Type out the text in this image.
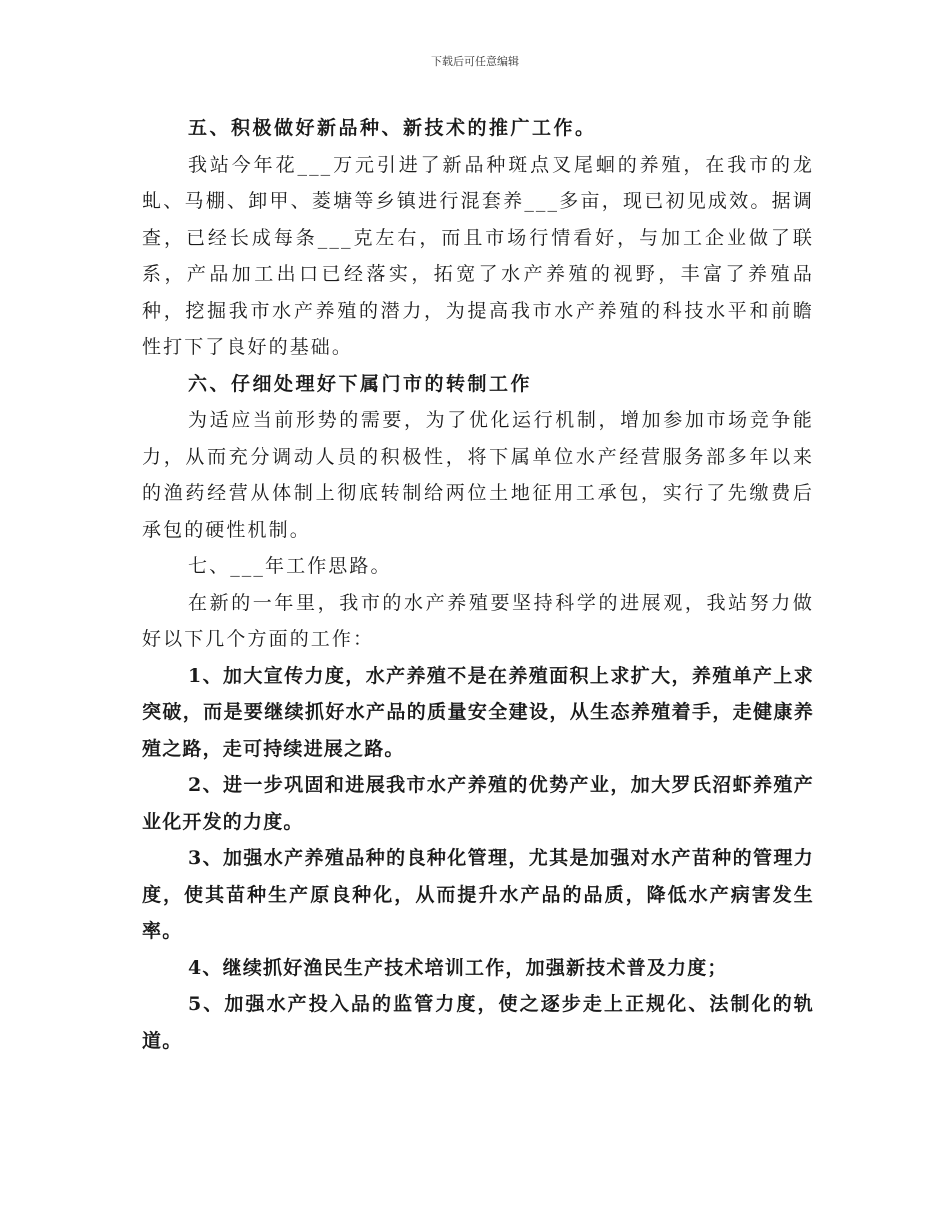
下载后可任意编辑

五、积极做好新品种、新技术的推广工作。

我站今年花___万元引进了新品种斑点叉尾蛔的养殖，在我市的龙虬、马棚、卸甲、菱塘等乡镇进行混套养___多亩，现已初见成效。据调查，已经长成每条___克左右，而且市场行情看好，与加工企业做了联系，产品加工出口已经落实，拓宽了水产养殖的视野，丰富了养殖品种，挖掘我市水产养殖的潜力，为提高我市水产养殖的科技水平和前瞻性打下了良好的基础。

六、仔细处理好下属门市的转制工作

为适应当前形势的需要，为了优化运行机制，增加参加市场竞争能力，从而充分调动人员的积极性，将下属单位水产经营服务部多年以来的渔药经营从体制上彻底转制给两位土地征用工承包，实行了先缴费后承包的硬性机制。

七、___年工作思路。

在新的一年里，我市的水产养殖要坚持科学的进展观，我站努力做好以下几个方面的工作：

1、加大宣传力度，水产养殖不是在养殖面积上求扩大，养殖单产上求突破，而是要继续抓好水产品的质量安全建设，从生态养殖着手，走健康养殖之路，走可持续进展之路。

2、进一步巩固和进展我市水产养殖的优势产业，加大罗氏沼虾养殖产业化开发的力度。

3、加强水产养殖品种的良种化管理，尤其是加强对水产苗种的管理力度，使其苗种生产原良种化，从而提升水产品的品质，降低水产病害发生率。

4、继续抓好渔民生产技术培训工作，加强新技术普及力度；

5、加强水产投入品的监管力度，使之逐步走上正规化、法制化的轨道。
